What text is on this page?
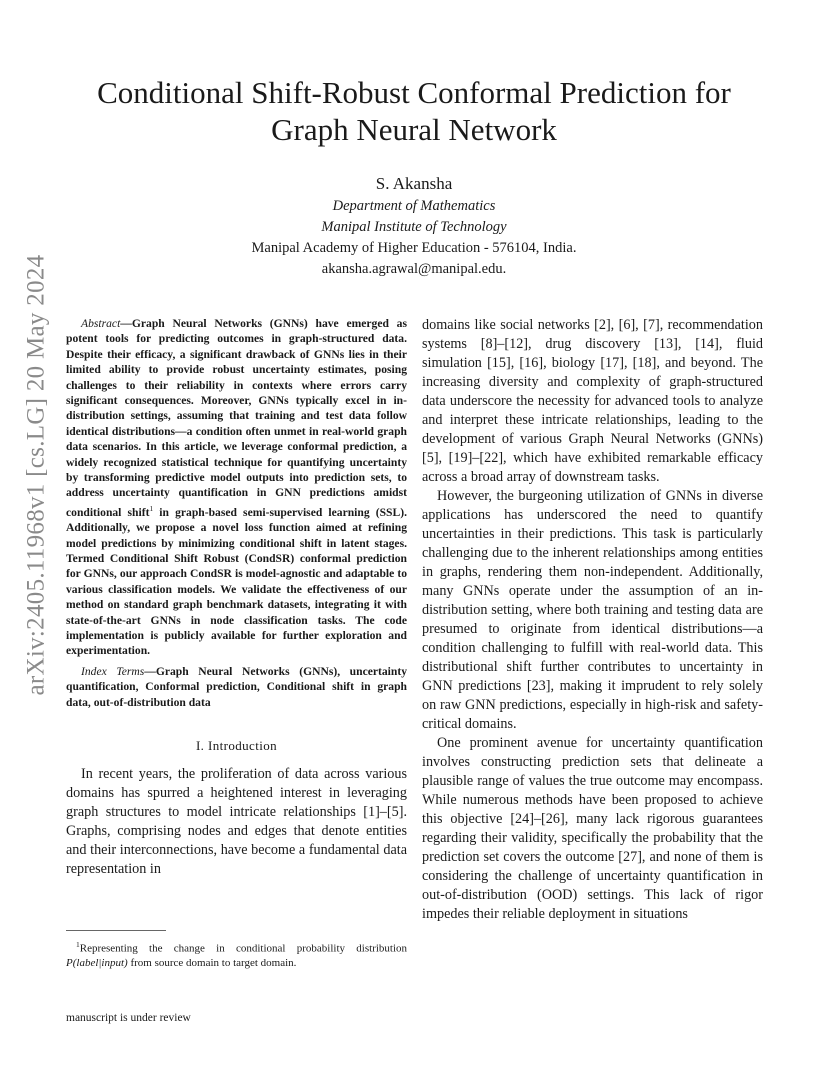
arXiv:2405.11968v1 [cs.LG] 20 May 2024
Conditional Shift-Robust Conformal Prediction for
Graph Neural Network
S. Akansha
Department of Mathematics
Manipal Institute of Technology
Manipal Academy of Higher Education - 576104, India.
akansha.agrawal@manipal.edu.

Abstract—Graph Neural Networks (GNNs) have emerged as potent tools for predicting outcomes in graph-structured data. Despite their efficacy, a significant drawback of GNNs lies in their limited ability to provide robust uncertainty estimates, posing challenges to their reliability in contexts where errors carry significant consequences. Moreover, GNNs typically excel in in-distribution settings, assuming that training and test data follow identical distributions—a condition often unmet in real-world graph data scenarios. In this article, we leverage conformal prediction, a widely recognized statistical technique for quantifying uncertainty by transforming predictive model outputs into prediction sets, to address uncertainty quantification in GNN predictions amidst conditional shift$^1$ in graph-based semi-supervised learning (SSL). Additionally, we propose a novel loss function aimed at refining model predictions by minimizing conditional shift in latent stages. Termed Conditional Shift Robust (CondSR) conformal prediction for GNNs, our approach CondSR is model-agnostic and adaptable to various classification models. We validate the effectiveness of our method on standard graph benchmark datasets, integrating it with state-of-the-art GNNs in node classification tasks. The code implementation is publicly available for further exploration and experimentation.

Index Terms—Graph Neural Networks (GNNs), uncertainty quantification, Conformal prediction, Conditional shift in graph data, out-of-distribution data

I. Introduction

In recent years, the proliferation of data across various domains has spurred a heightened interest in leveraging graph structures to model intricate relationships [1]–[5]. Graphs, comprising nodes and edges that denote entities and their interconnections, have become a fundamental data representation in

$^1$Representing the change in conditional probability distribution P(label|input) from source domain to target domain.

domains like social networks [2], [6], [7], recommendation systems [8]–[12], drug discovery [13], [14], fluid simulation [15], [16], biology [17], [18], and beyond. The increasing diversity and complexity of graph-structured data underscore the necessity for advanced tools to analyze and interpret these intricate relationships, leading to the development of various Graph Neural Networks (GNNs) [5], [19]–[22], which have exhibited remarkable efficacy across a broad array of downstream tasks.

However, the burgeoning utilization of GNNs in diverse applications has underscored the need to quantify uncertainties in their predictions. This task is particularly challenging due to the inherent relationships among entities in graphs, rendering them non-independent. Additionally, many GNNs operate under the assumption of an in-distribution setting, where both training and testing data are presumed to originate from identical distributions—a condition challenging to fulfill with real-world data. This distributional shift further contributes to uncertainty in GNN predictions [23], making it imprudent to rely solely on raw GNN predictions, especially in high-risk and safety-critical domains.

One prominent avenue for uncertainty quantification involves constructing prediction sets that delineate a plausible range of values the true outcome may encompass. While numerous methods have been proposed to achieve this objective [24]–[26], many lack rigorous guarantees regarding their validity, specifically the probability that the prediction set covers the outcome [27], and none of them is considering the challenge of uncertainty quantification in out-of-distribution (OOD) settings. This lack of rigor impedes their reliable deployment in situations

manuscript is under review
